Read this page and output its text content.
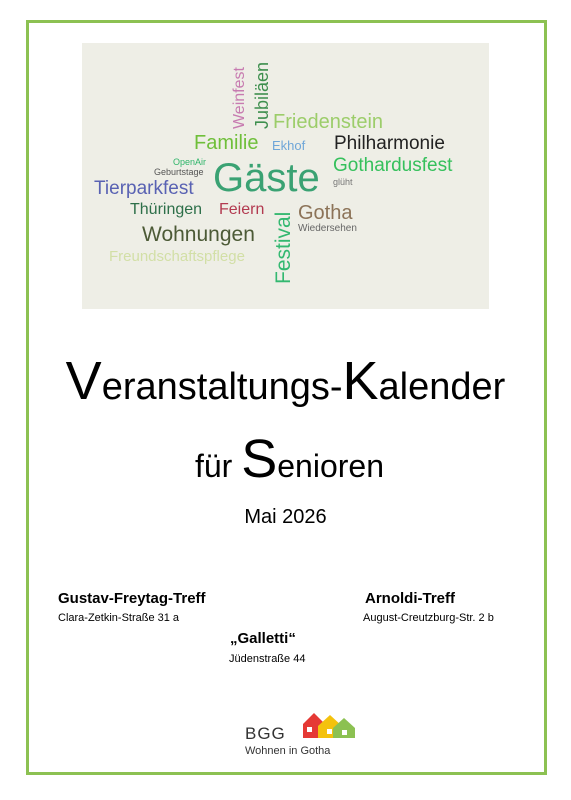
Weinfest Jubiläen Friedenstein
Familie Ekhof Philharmonie
OpenAir	Gothardusfest
Geburtstage Gäste glüht
Tierparkfest
Thüringen Feiern
Festival Gotha
Wiedersehen
Wohnungen
Freundschaftspflege
Veranstaltungs-Kalender
für Senioren
Mai 2026
Gustav-Freytag-Treff
Clara-Zetkin-Straße 31 a
Arnoldi-Treff
August-Creutzburg-Str. 2 b
„Galletti“
Jüdenstraße 44
BGG
Wohnen in Gotha
